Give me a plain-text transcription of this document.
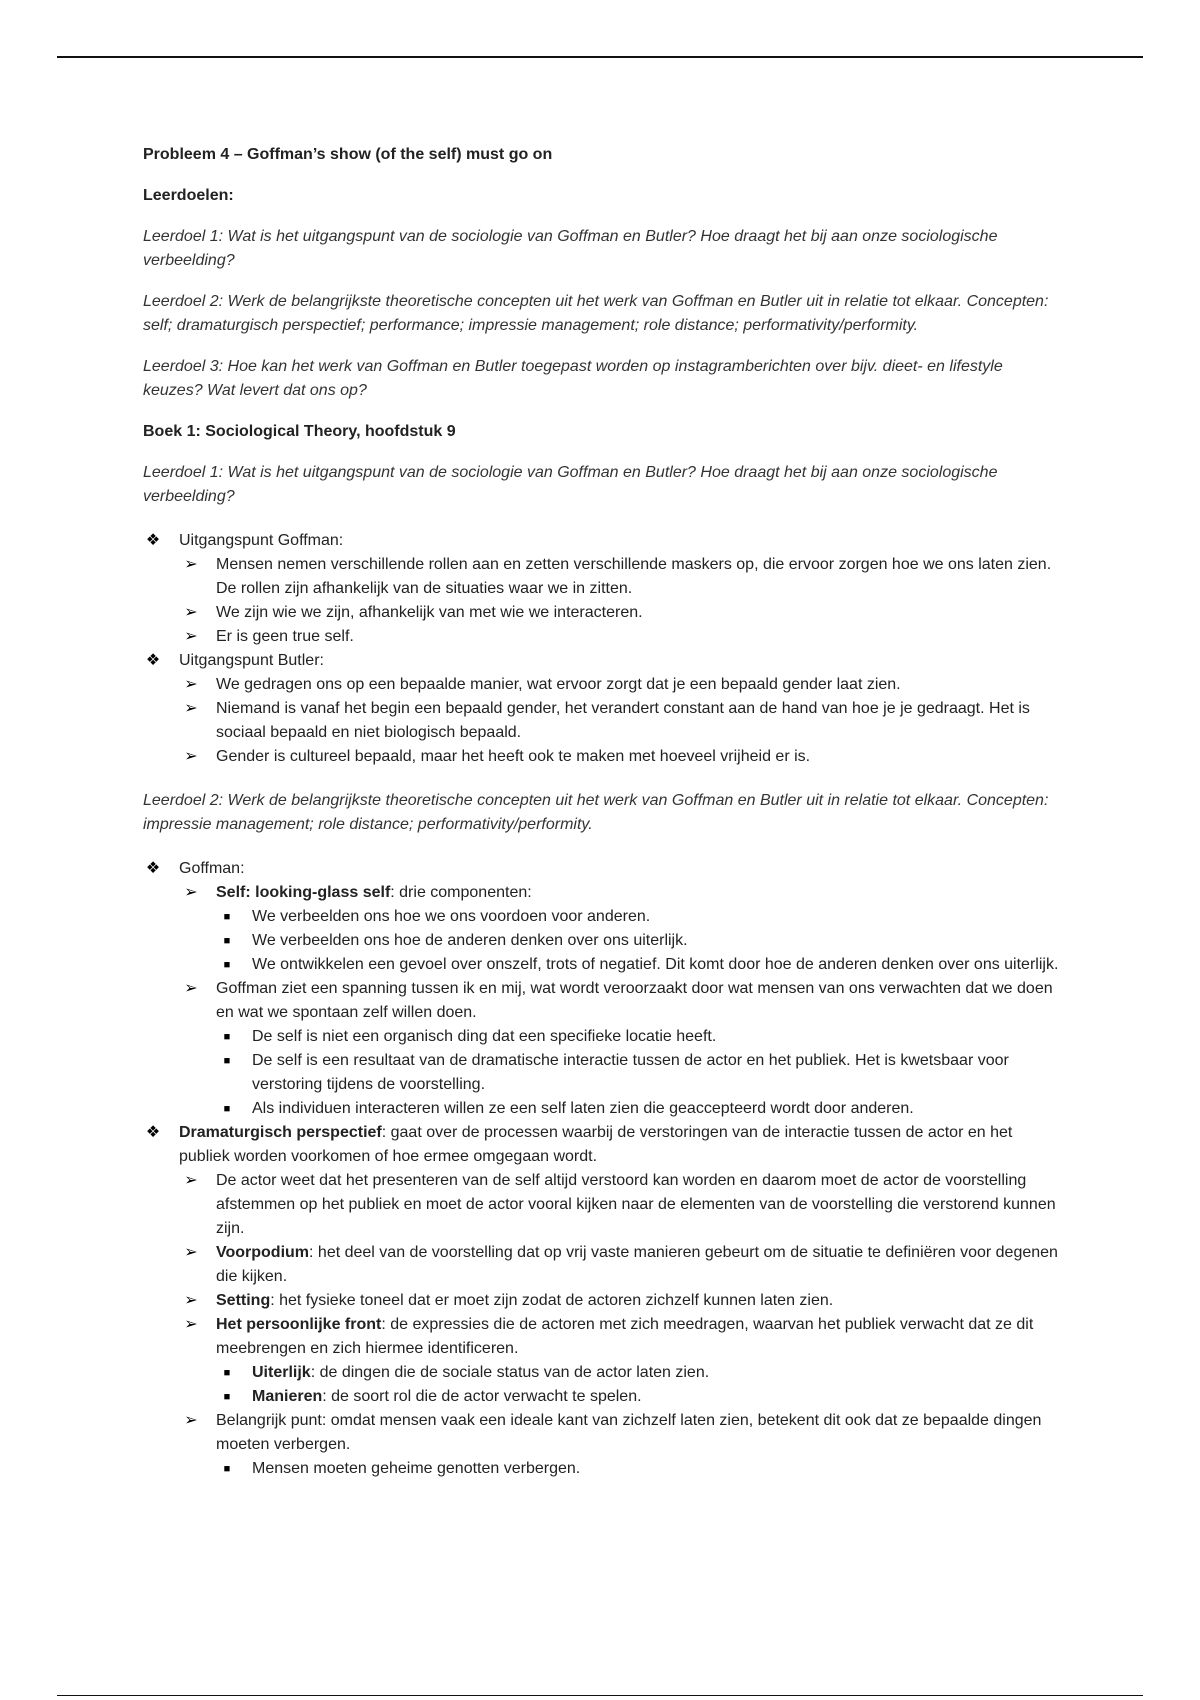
Probleem 4 – Goffman’s show (of the self) must go on

Leerdoelen:

Leerdoel 1: Wat is het uitgangspunt van de sociologie van Goffman en Butler? Hoe draagt het bij aan onze sociologische verbeelding?

Leerdoel 2: Werk de belangrijkste theoretische concepten uit het werk van Goffman en Butler uit in relatie tot elkaar. Concepten: self; dramaturgisch perspectief; performance; impressie management; role distance; performativity/performity.

Leerdoel 3: Hoe kan het werk van Goffman en Butler toegepast worden op instagramberichten over bijv. dieet- en lifestyle keuzes? Wat levert dat ons op?

Boek 1: Sociological Theory, hoofdstuk 9

Leerdoel 1: Wat is het uitgangspunt van de sociologie van Goffman en Butler? Hoe draagt het bij aan onze sociologische verbeelding?

❖ Uitgangspunt Goffman:
➢ Mensen nemen verschillende rollen aan en zetten verschillende maskers op, die ervoor zorgen hoe we ons laten zien. De rollen zijn afhankelijk van de situaties waar we in zitten.
➢ We zijn wie we zijn, afhankelijk van met wie we interacteren.
➢ Er is geen true self.
❖ Uitgangspunt Butler:
➢ We gedragen ons op een bepaalde manier, wat ervoor zorgt dat je een bepaald gender laat zien.
➢ Niemand is vanaf het begin een bepaald gender, het verandert constant aan de hand van hoe je je gedraagt. Het is sociaal bepaald en niet biologisch bepaald.
➢ Gender is cultureel bepaald, maar het heeft ook te maken met hoeveel vrijheid er is.

Leerdoel 2: Werk de belangrijkste theoretische concepten uit het werk van Goffman en Butler uit in relatie tot elkaar. Concepten: impressie management; role distance; performativity/performity.

❖ Goffman:
➢ Self: looking-glass self: drie componenten:
■	We verbeelden ons hoe we ons voordoen voor anderen.
■	We verbeelden ons hoe de anderen denken over ons uiterlijk.
■	We ontwikkelen een gevoel over onszelf, trots of negatief. Dit komt door hoe de anderen denken over ons uiterlijk.
➢ Goffman ziet een spanning tussen ik en mij, wat wordt veroorzaakt door wat mensen van ons verwachten dat we doen en wat we spontaan zelf willen doen.
■	De self is niet een organisch ding dat een specifieke locatie heeft.
■	De self is een resultaat van de dramatische interactie tussen de actor en het publiek. Het is kwetsbaar voor verstoring tijdens de voorstelling.
■	Als individuen interacteren willen ze een self laten zien die geaccepteerd wordt door anderen.
❖ Dramaturgisch perspectief: gaat over de processen waarbij de verstoringen van de interactie tussen de actor en het publiek worden voorkomen of hoe ermee omgegaan wordt.
➢ De actor weet dat het presenteren van de self altijd verstoord kan worden en daarom moet de actor de voorstelling afstemmen op het publiek en moet de actor vooral kijken naar de elementen van de voorstelling die verstorend kunnen zijn.
➢ Voorpodium: het deel van de voorstelling dat op vrij vaste manieren gebeurt om de situatie te definiëren voor degenen die kijken.
➢ Setting: het fysieke toneel dat er moet zijn zodat de actoren zichzelf kunnen laten zien.
➢ Het persoonlijke front: de expressies die de actoren met zich meedragen, waarvan het publiek verwacht dat ze dit meebrengen en zich hiermee identificeren.
■	Uiterlijk: de dingen die de sociale status van de actor laten zien.
■	Manieren: de soort rol die de actor verwacht te spelen.
➢ Belangrijk punt: omdat mensen vaak een ideale kant van zichzelf laten zien, betekent dit ook dat ze bepaalde dingen moeten verbergen.
■	Mensen moeten geheime genotten verbergen.
